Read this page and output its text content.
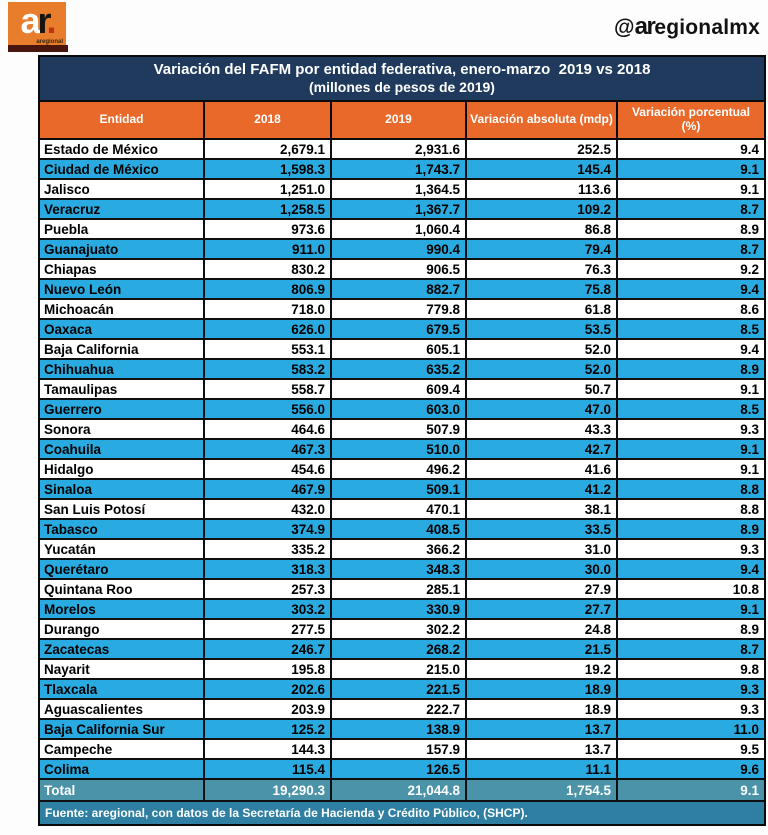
ar.
aregional
@aregionalmx
Variación del FAFM por entidad federativa, enero-marzo  2019 vs 2018
(millones de pesos de 2019)
Entidad	2018	2019	Variación absoluta (mdp)	Variación porcentual (%)
Estado de México	2,679.1	2,931.6	252.5	9.4
Ciudad de México	1,598.3	1,743.7	145.4	9.1
Jalisco	1,251.0	1,364.5	113.6	9.1
Veracruz	1,258.5	1,367.7	109.2	8.7
Puebla	973.6	1,060.4	86.8	8.9
Guanajuato	911.0	990.4	79.4	8.7
Chiapas	830.2	906.5	76.3	9.2
Nuevo León	806.9	882.7	75.8	9.4
Michoacán	718.0	779.8	61.8	8.6
Oaxaca	626.0	679.5	53.5	8.5
Baja California	553.1	605.1	52.0	9.4
Chihuahua	583.2	635.2	52.0	8.9
Tamaulipas	558.7	609.4	50.7	9.1
Guerrero	556.0	603.0	47.0	8.5
Sonora	464.6	507.9	43.3	9.3
Coahuila	467.3	510.0	42.7	9.1
Hidalgo	454.6	496.2	41.6	9.1
Sinaloa	467.9	509.1	41.2	8.8
San Luis Potosí	432.0	470.1	38.1	8.8
Tabasco	374.9	408.5	33.5	8.9
Yucatán	335.2	366.2	31.0	9.3
Querétaro	318.3	348.3	30.0	9.4
Quintana Roo	257.3	285.1	27.9	10.8
Morelos	303.2	330.9	27.7	9.1
Durango	277.5	302.2	24.8	8.9
Zacatecas	246.7	268.2	21.5	8.7
Nayarit	195.8	215.0	19.2	9.8
Tlaxcala	202.6	221.5	18.9	9.3
Aguascalientes	203.9	222.7	18.9	9.3
Baja California Sur	125.2	138.9	13.7	11.0
Campeche	144.3	157.9	13.7	9.5
Colima	115.4	126.5	11.1	9.6
Total	19,290.3	21,044.8	1,754.5	9.1
Fuente: aregional, con datos de la Secretaría de Hacienda y Crédito Público, (SHCP).
